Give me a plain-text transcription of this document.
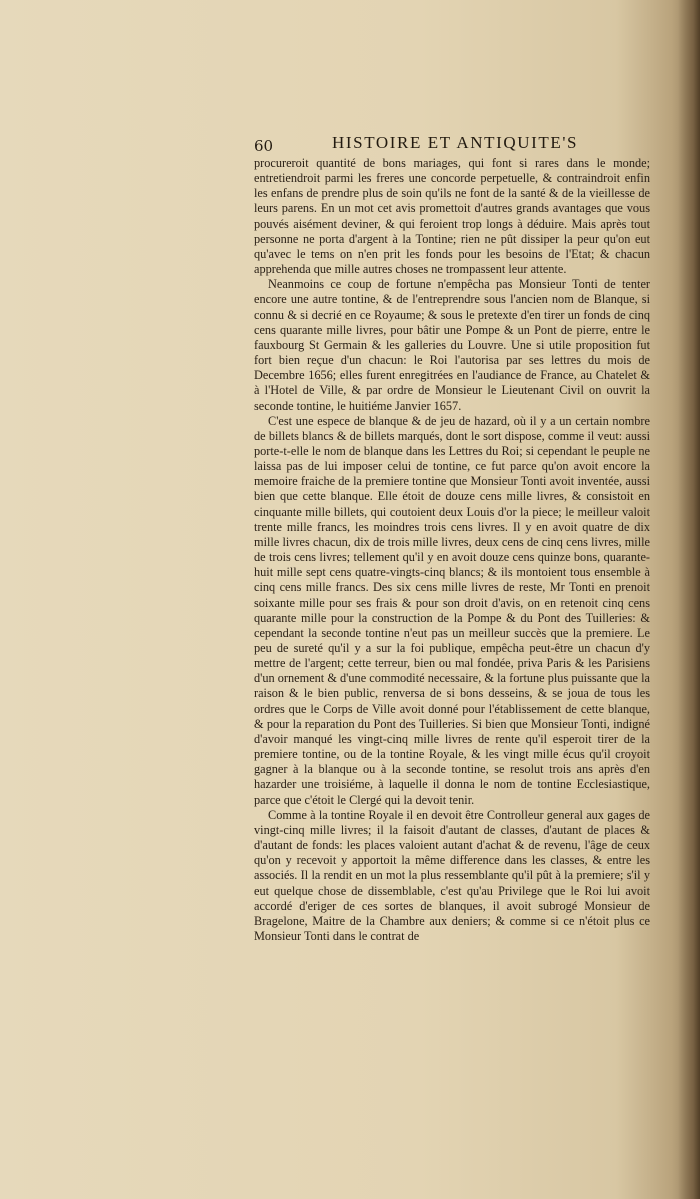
60	HISTOIRE ET ANTIQUITE'S

procureroit quantité de bons mariages, qui font si rares dans le monde; entretiendroit parmi les freres une concorde perpetuelle, & contraindroit enfin les enfans de prendre plus de soin qu'ils ne font de la santé & de la vieillesse de leurs parens. En un mot cet avis promettoit d'autres grands avantages que vous pouvés aisément deviner, & qui feroient trop longs à déduire. Mais après tout personne ne porta d'argent à la Tontine; rien ne pût dissiper la peur qu'on eut qu'avec le tems on n'en prit les fonds pour les besoins de l'Etat; & chacun apprehenda que mille autres choses ne trompassent leur attente.

Neanmoins ce coup de fortune n'empêcha pas Monsieur Tonti de tenter encore une autre tontine, & de l'entreprendre sous l'ancien nom de Blanque, si connu & si decrié en ce Royaume; & sous le pretexte d'en tirer un fonds de cinq cens quarante mille livres, pour bâtir une Pompe & un Pont de pierre, entre le fauxbourg St Germain & les galleries du Louvre. Une si utile proposition fut fort bien reçue d'un chacun: le Roi l'autorisa par ses lettres du mois de Decembre 1656; elles furent enregitrées en l'audiance de France, au Chatelet & à l'Hotel de Ville, & par ordre de Monsieur le Lieutenant Civil on ouvrit la seconde tontine, le huitiéme Janvier 1657.

C'est une espece de blanque & de jeu de hazard, où il y a un certain nombre de billets blancs & de billets marqués, dont le sort dispose, comme il veut: aussi porte-t-elle le nom de blanque dans les Lettres du Roi; si cependant le peuple ne laissa pas de lui imposer celui de tontine, ce fut parce qu'on avoit encore la memoire fraiche de la premiere tontine que Monsieur Tonti avoit inventée, aussi bien que cette blanque. Elle étoit de douze cens mille livres, & consistoit en cinquante mille billets, qui coutoient deux Louis d'or la piece; le meilleur valoit trente mille francs, les moindres trois cens livres. Il y en avoit quatre de dix mille livres chacun, dix de trois mille livres, deux cens de cinq cens livres, mille de trois cens livres; tellement qu'il y en avoit douze cens quinze bons, quarante-huit mille sept cens quatre-vingts-cinq blancs; & ils montoient tous ensemble à cinq cens mille francs. Des six cens mille livres de reste, Mr Tonti en prenoit soixante mille pour ses frais & pour son droit d'avis, on en retenoit cinq cens quarante mille pour la construction de la Pompe & du Pont des Tuilleries: & cependant la seconde tontine n'eut pas un meilleur succès que la premiere. Le peu de sureté qu'il y a sur la foi publique, empêcha peut-être un chacun d'y mettre de l'argent; cette terreur, bien ou mal fondée, priva Paris & les Parisiens d'un ornement & d'une commodité necessaire, & la fortune plus puissante que la raison & le bien public, renversa de si bons desseins, & se joua de tous les ordres que le Corps de Ville avoit donné pour l'établissement de cette blanque, & pour la reparation du Pont des Tuilleries. Si bien que Monsieur Tonti, indigné d'avoir manqué les vingt-cinq mille livres de rente qu'il esperoit tirer de la premiere tontine, ou de la tontine Royale, & les vingt mille écus qu'il croyoit gagner à la blanque ou à la seconde tontine, se resolut trois ans après d'en hazarder une troisiéme, à laquelle il donna le nom de tontine Ecclesiastique, parce que c'étoit le Clergé qui la devoit tenir.

Comme à la tontine Royale il en devoit être Controlleur general aux gages de vingt-cinq mille livres; il la faisoit d'autant de classes, d'autant de places & d'autant de fonds: les places valoient autant d'achat & de revenu, l'âge de ceux qu'on y recevoit y apportoit la même difference dans les classes, & entre les associés. Il la rendit en un mot la plus ressemblante qu'il pût à la premiere; s'il y eut quelque chose de dissemblable, c'est qu'au Privilege que le Roi lui avoit accordé d'eriger de ces sortes de blanques, il avoit subrogé Monsieur de Bragelone, Maitre de la Chambre aux deniers; & comme si ce n'étoit plus ce Monsieur Tonti dans le contrat de
